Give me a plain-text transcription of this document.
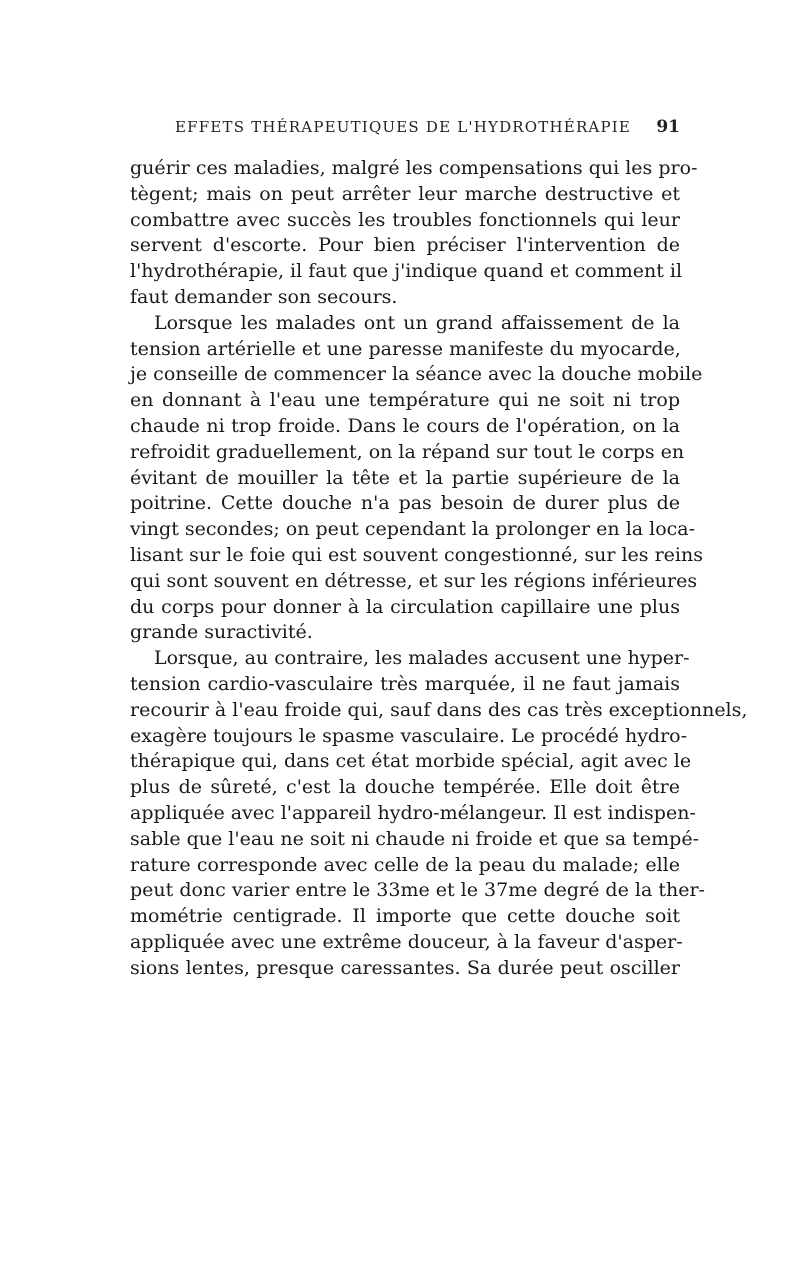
EFFETS THÉRAPEUTIQUES DE L'HYDROTHÉRAPIE 91
guérir ces maladies, malgré les compensations qui les pro-
tègent; mais on peut arrêter leur marche destructive et
combattre avec succès les troubles fonctionnels qui leur
servent d'escorte. Pour bien préciser l'intervention de
l'hydrothérapie, il faut que j'indique quand et comment il
faut demander son secours.
Lorsque les malades ont un grand affaissement de la
tension artérielle et une paresse manifeste du myocarde,
je conseille de commencer la séance avec la douche mobile
en donnant à l'eau une température qui ne soit ni trop
chaude ni trop froide. Dans le cours de l'opération, on la
refroidit graduellement, on la répand sur tout le corps en
évitant de mouiller la tête et la partie supérieure de la
poitrine. Cette douche n'a pas besoin de durer plus de
vingt secondes; on peut cependant la prolonger en la loca-
lisant sur le foie qui est souvent congestionné, sur les reins
qui sont souvent en détresse, et sur les régions inférieures
du corps pour donner à la circulation capillaire une plus
grande suractivité.
Lorsque, au contraire, les malades accusent une hyper-
tension cardio-vasculaire très marquée, il ne faut jamais
recourir à l'eau froide qui, sauf dans des cas très exceptionnels,
exagère toujours le spasme vasculaire. Le procédé hydro-
thérapique qui, dans cet état morbide spécial, agit avec le
plus de sûreté, c'est la douche tempérée. Elle doit être
appliquée avec l'appareil hydro-mélangeur. Il est indispen-
sable que l'eau ne soit ni chaude ni froide et que sa tempé-
rature corresponde avec celle de la peau du malade; elle
peut donc varier entre le 33me et le 37me degré de la ther-
mométrie centigrade. Il importe que cette douche soit
appliquée avec une extrême douceur, à la faveur d'asper-
sions lentes, presque caressantes. Sa durée peut osciller
